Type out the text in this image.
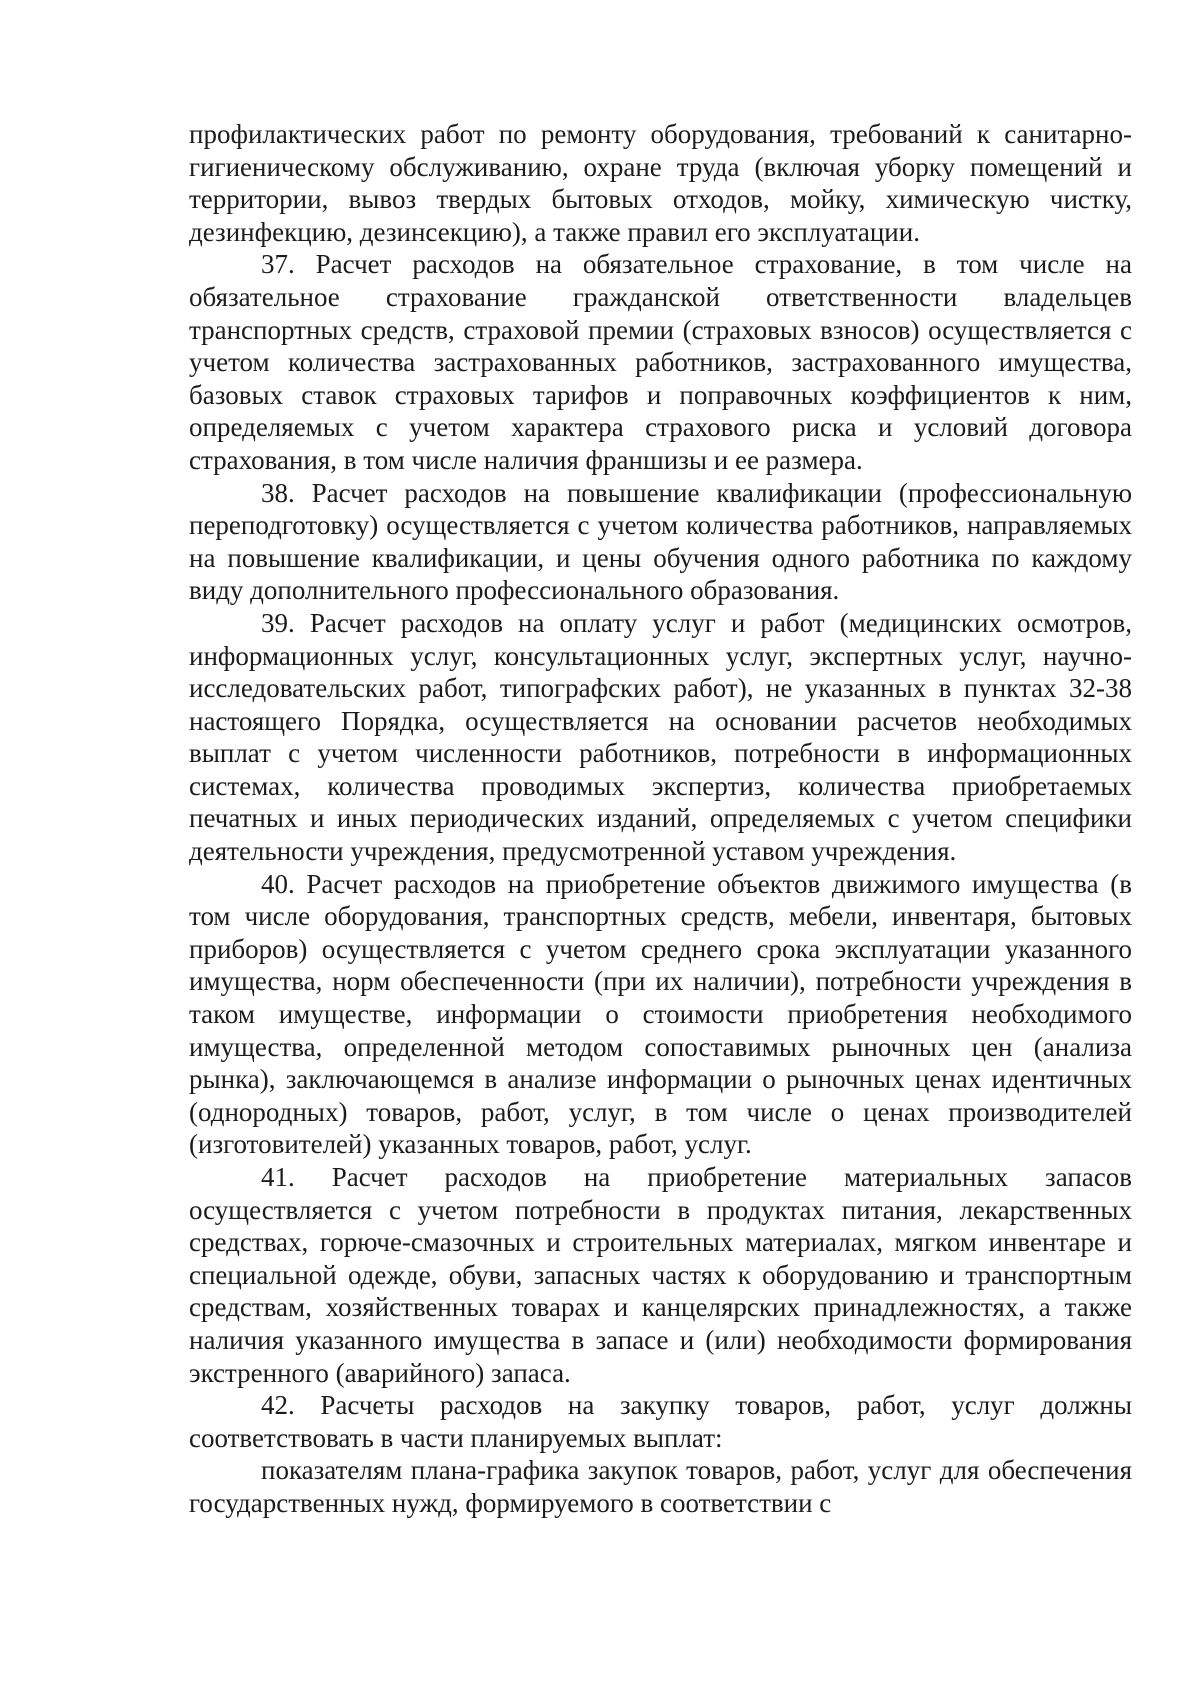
профилактических работ по ремонту оборудования, требований к санитарно-гигиеническому обслуживанию, охране труда (включая уборку помещений и территории, вывоз твердых бытовых отходов, мойку, химическую чистку, дезинфекцию, дезинсекцию), а также правил его эксплуатации.

37. Расчет расходов на обязательное страхование, в том числе на обязательное страхование гражданской ответственности владельцев транспортных средств, страховой премии (страховых взносов) осуществляется с учетом количества застрахованных работников, застрахованного имущества, базовых ставок страховых тарифов и поправочных коэффициентов к ним, определяемых с учетом характера страхового риска и условий договора страхования, в том числе наличия франшизы и ее размера.

38. Расчет расходов на повышение квалификации (профессиональную переподготовку) осуществляется с учетом количества работников, направляемых на повышение квалификации, и цены обучения одного работника по каждому виду дополнительного профессионального образования.

39. Расчет расходов на оплату услуг и работ (медицинских осмотров, информационных услуг, консультационных услуг, экспертных услуг, научно-исследовательских работ, типографских работ), не указанных в пунктах 32-38 настоящего Порядка, осуществляется на основании расчетов необходимых выплат с учетом численности работников, потребности в информационных системах, количества проводимых экспертиз, количества приобретаемых печатных и иных периодических изданий, определяемых с учетом специфики деятельности учреждения, предусмотренной уставом учреждения.

40. Расчет расходов на приобретение объектов движимого имущества (в том числе оборудования, транспортных средств, мебели, инвентаря, бытовых приборов) осуществляется с учетом среднего срока эксплуатации указанного имущества, норм обеспеченности (при их наличии), потребности учреждения в таком имуществе, информации о стоимости приобретения необходимого имущества, определенной методом сопоставимых рыночных цен (анализа рынка), заключающемся в анализе информации о рыночных ценах идентичных (однородных) товаров, работ, услуг, в том числе о ценах производителей (изготовителей) указанных товаров, работ, услуг.

41. Расчет расходов на приобретение материальных запасов осуществляется с учетом потребности в продуктах питания, лекарственных средствах, горюче-смазочных и строительных материалах, мягком инвентаре и специальной одежде, обуви, запасных частях к оборудованию и транспортным средствам, хозяйственных товарах и канцелярских принадлежностях, а также наличия указанного имущества в запасе и (или) необходимости формирования экстренного (аварийного) запаса.

42. Расчеты расходов на закупку товаров, работ, услуг должны соответствовать в части планируемых выплат:

показателям плана-графика закупок товаров, работ, услуг для обеспечения государственных нужд, формируемого в соответствии с
